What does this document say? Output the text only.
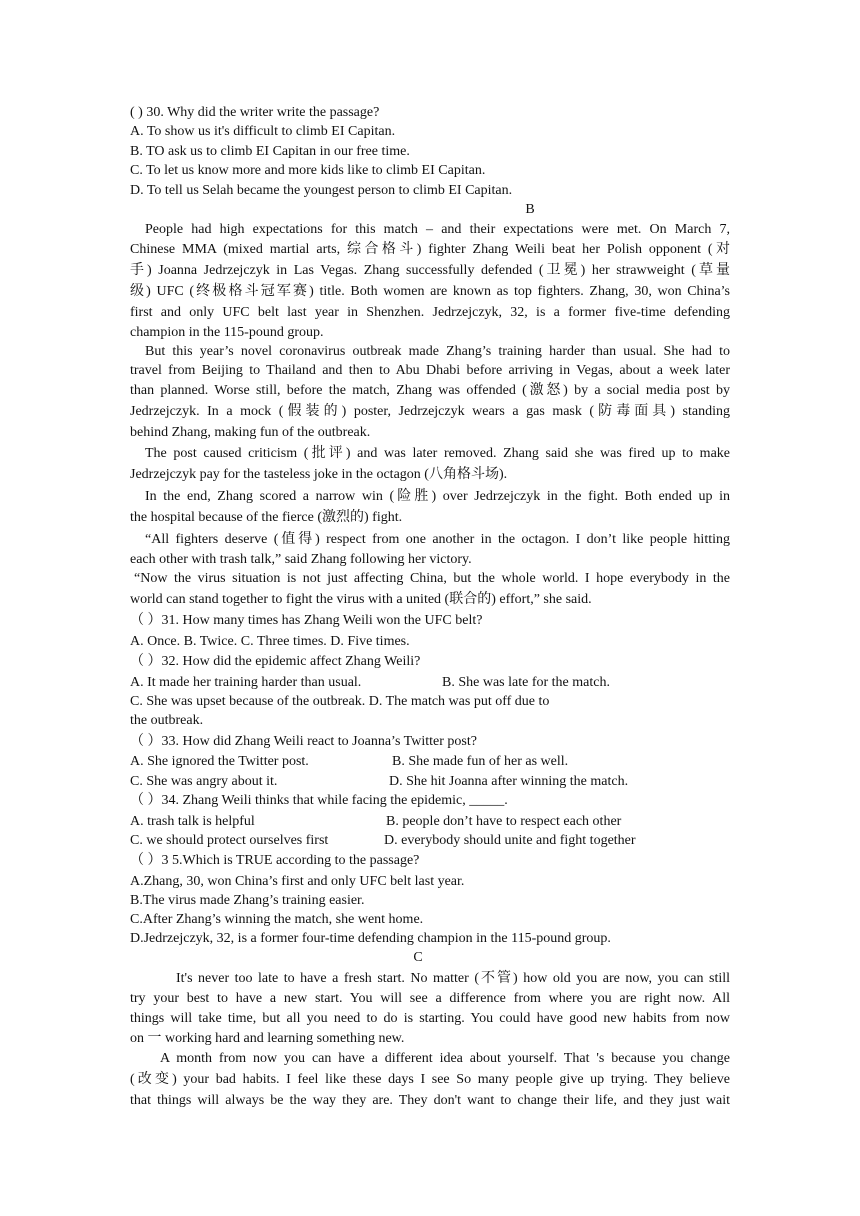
( ) 30. Why did the writer write the passage?
A. To show us it's difficult to climb EI Capitan.
B. TO ask us to climb EI Capitan in our free time.
C. To let us know more and more kids like to climb EI Capitan.
D. To tell us Selah became the youngest person to climb EI Capitan.
B
People had high expectations for this match – and their expectations were met. On March 7,
Chinese MMA (mixed martial arts, 综合格斗) fighter Zhang Weili beat her Polish opponent (对
手) Joanna Jedrzejczyk in Las Vegas. Zhang successfully defended (卫冕) her strawweight (草量
级) UFC (终极格斗冠军赛) title. Both women are known as top fighters. Zhang, 30, won China’s
first and only UFC belt last year in Shenzhen. Jedrzejczyk, 32, is a former five-time defending
champion in the 115-pound group.
But this year’s novel coronavirus outbreak made Zhang’s training harder than usual. She had to
travel from Beijing to Thailand and then to Abu Dhabi before arriving in Vegas, about a week later
than planned. Worse still, before the match, Zhang was offended (激怒) by a social media post by
Jedrzejczyk. In a mock (假装的) poster, Jedrzejczyk wears a gas mask (防毒面具) standing
behind Zhang, making fun of the outbreak.
The post caused criticism (批评) and was later removed. Zhang said she was fired up to make
Jedrzejczyk pay for the tasteless joke in the octagon (八角格斗场).
In the end, Zhang scored a narrow win (险胜) over Jedrzejczyk in the fight. Both ended up in
the hospital because of the fierce (激烈的) fight.
“All fighters deserve (值得) respect from one another in the octagon. I don’t like people hitting
each other with trash talk,” said Zhang following her victory.
“Now the virus situation is not just affecting China, but the whole world. I hope everybody in the
world can stand together to fight the virus with a united (联合的) effort,” she said.
（ ）31. How many times has Zhang Weili won the UFC belt?
A. Once. B. Twice. C. Three times. D. Five times.
（ ）32. How did the epidemic affect Zhang Weili?
A. It made her training harder than usual.	B. She was late for the match.
C. She was upset because of the outbreak. D. The match was put off due to
the outbreak.
（ ）33. How did Zhang Weili react to Joanna’s Twitter post?
A. She ignored the Twitter post.	B. She made fun of her as well.
C. She was angry about it.	D. She hit Joanna after winning the match.
（ ）34. Zhang Weili thinks that while facing the epidemic, _____.
A. trash talk is helpful	B. people don’t have to respect each other
C. we should protect ourselves first	D. everybody should unite and fight together
（ ）3 5.Which is TRUE according to the passage?
A.Zhang, 30, won China’s first and only UFC belt last year.
B.The virus made Zhang’s training easier.
C.After Zhang’s winning the match, she went home.
D.Jedrzejczyk, 32, is a former four-time defending champion in the 115-pound group.
C
It's never too late to have a fresh start. No matter (不管) how old you are now, you can still
try your best to have a new start. You will see a difference from where you are right now. All
things will take time, but all you need to do is starting. You could have good new habits from now
on 一 working hard and learning something new.
A month from now you can have a different idea about yourself. That 's because you change
(改变) your bad habits. I feel like these days I see So many people give up trying. They believe
that things will always be the way they are. They don't want to change their life, and they just wait
